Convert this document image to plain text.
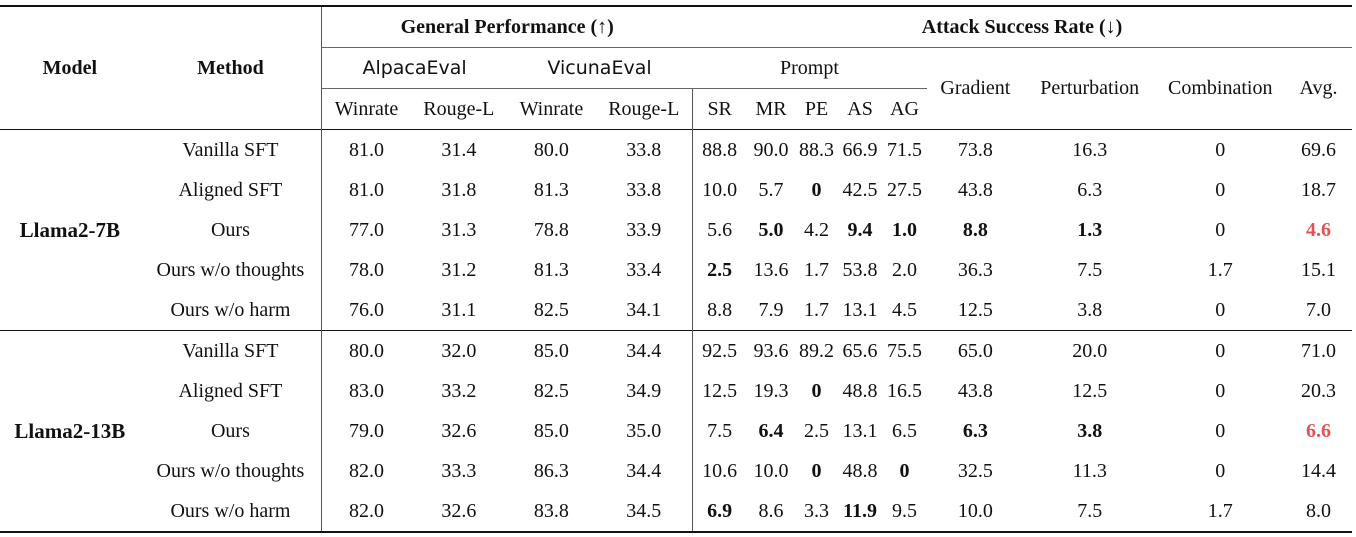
Model	Method	General Performance (↑)				Attack Success Rate (↓)								
		AlpacaEval		VicunaEval		Prompt					Gradient	Perturbation	Combination	Avg.
		Winrate	Rouge-L	Winrate	Rouge-L	SR	MR	PE	AS	AG				
Llama2-7B	Vanilla SFT	81.0	31.4	80.0	33.8	88.8	90.0	88.3	66.9	71.5	73.8	16.3	0	69.6
	Aligned SFT	81.0	31.8	81.3	33.8	10.0	5.7	0	42.5	27.5	43.8	6.3	0	18.7
	Ours	77.0	31.3	78.8	33.9	5.6	5.0	4.2	9.4	1.0	8.8	1.3	0	4.6
	Ours w/o thoughts	78.0	31.2	81.3	33.4	2.5	13.6	1.7	53.8	2.0	36.3	7.5	1.7	15.1
	Ours w/o harm	76.0	31.1	82.5	34.1	8.8	7.9	1.7	13.1	4.5	12.5	3.8	0	7.0
Llama2-13B	Vanilla SFT	80.0	32.0	85.0	34.4	92.5	93.6	89.2	65.6	75.5	65.0	20.0	0	71.0
	Aligned SFT	83.0	33.2	82.5	34.9	12.5	19.3	0	48.8	16.5	43.8	12.5	0	20.3
	Ours	79.0	32.6	85.0	35.0	7.5	6.4	2.5	13.1	6.5	6.3	3.8	0	6.6
	Ours w/o thoughts	82.0	33.3	86.3	34.4	10.6	10.0	0	48.8	0	32.5	11.3	0	14.4
	Ours w/o harm	82.0	32.6	83.8	34.5	6.9	8.6	3.3	11.9	9.5	10.0	7.5	1.7	8.0
